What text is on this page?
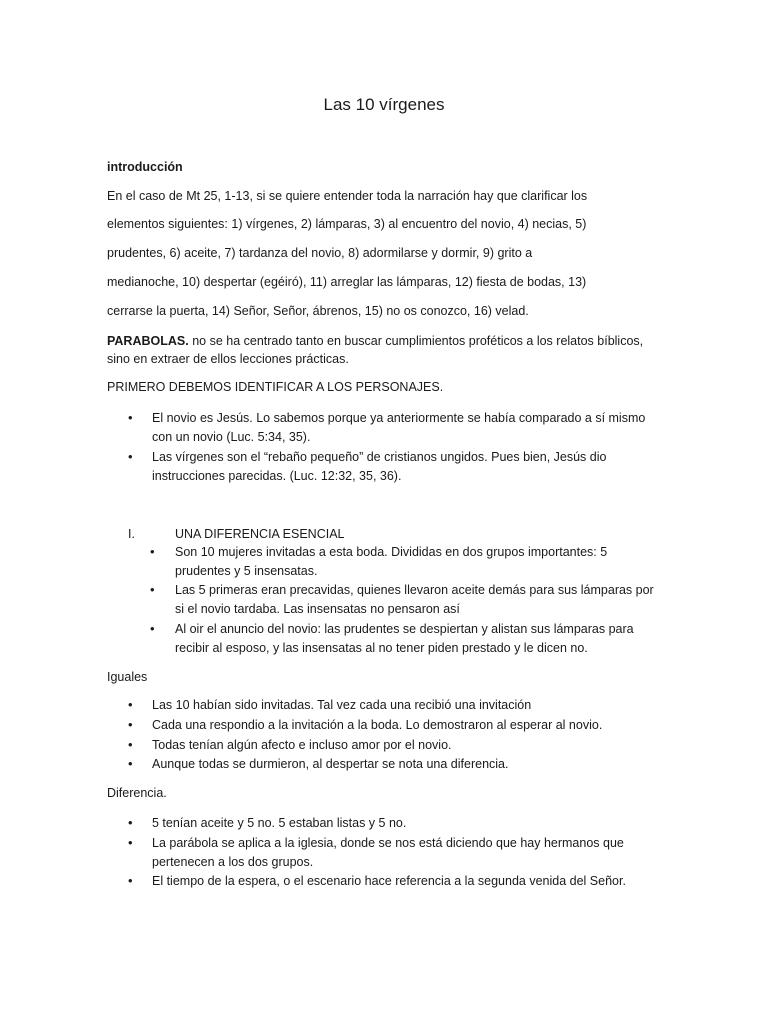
Las 10 vírgenes
introducción
En el caso de Mt 25, 1-13, si se quiere entender toda la narración hay que clarificar los
elementos siguientes: 1) vírgenes, 2) lámparas, 3) al encuentro del novio, 4) necias, 5)
prudentes, 6) aceite, 7) tardanza del novio, 8) adormilarse y dormir, 9) grito a
medianoche, 10) despertar (egéiró), 11) arreglar las lámparas, 12) fiesta de bodas, 13)
cerrarse la puerta, 14) Señor, Señor, ábrenos, 15) no os conozco, 16) velad.
PARABOLAS. no se ha centrado tanto en buscar cumplimientos proféticos a los relatos bíblicos,
sino en extraer de ellos lecciones prácticas.
PRIMERO DEBEMOS IDENTIFICAR A LOS PERSONAJES.
• El novio es Jesús. Lo sabemos porque ya anteriormente se había comparado a sí mismo
con un novio (Luc. 5:34, 35).
• Las vírgenes son el “rebaño pequeño” de cristianos ungidos. Pues bien, Jesús dio
instrucciones parecidas. (Luc. 12:32, 35, 36).
I.	UNA DIFERENCIA ESENCIAL
• Son 10 mujeres invitadas a esta boda. Divididas en dos grupos importantes: 5
prudentes y 5 insensatas.
• Las 5 primeras eran precavidas, quienes llevaron aceite demás para sus lámparas por
si el novio tardaba. Las insensatas no pensaron así
• Al oir el anuncio del novio: las prudentes se despiertan y alistan sus lámparas para
recibir al esposo, y las insensatas al no tener piden prestado y le dicen no.
Iguales
• Las 10 habían sido invitadas. Tal vez cada una recibió una invitación
• Cada una respondio a la invitación a la boda. Lo demostraron al esperar al novio.
• Todas tenían algún afecto e incluso amor por el novio.
• Aunque todas se durmieron, al despertar se nota una diferencia.
Diferencia.
• 5 tenían aceite y 5 no. 5 estaban listas y 5 no.
• La parábola se aplica a la iglesia, donde se nos está diciendo que hay hermanos que
pertenecen a los dos grupos.
• El tiempo de la espera, o el escenario hace referencia a la segunda venida del Señor.
